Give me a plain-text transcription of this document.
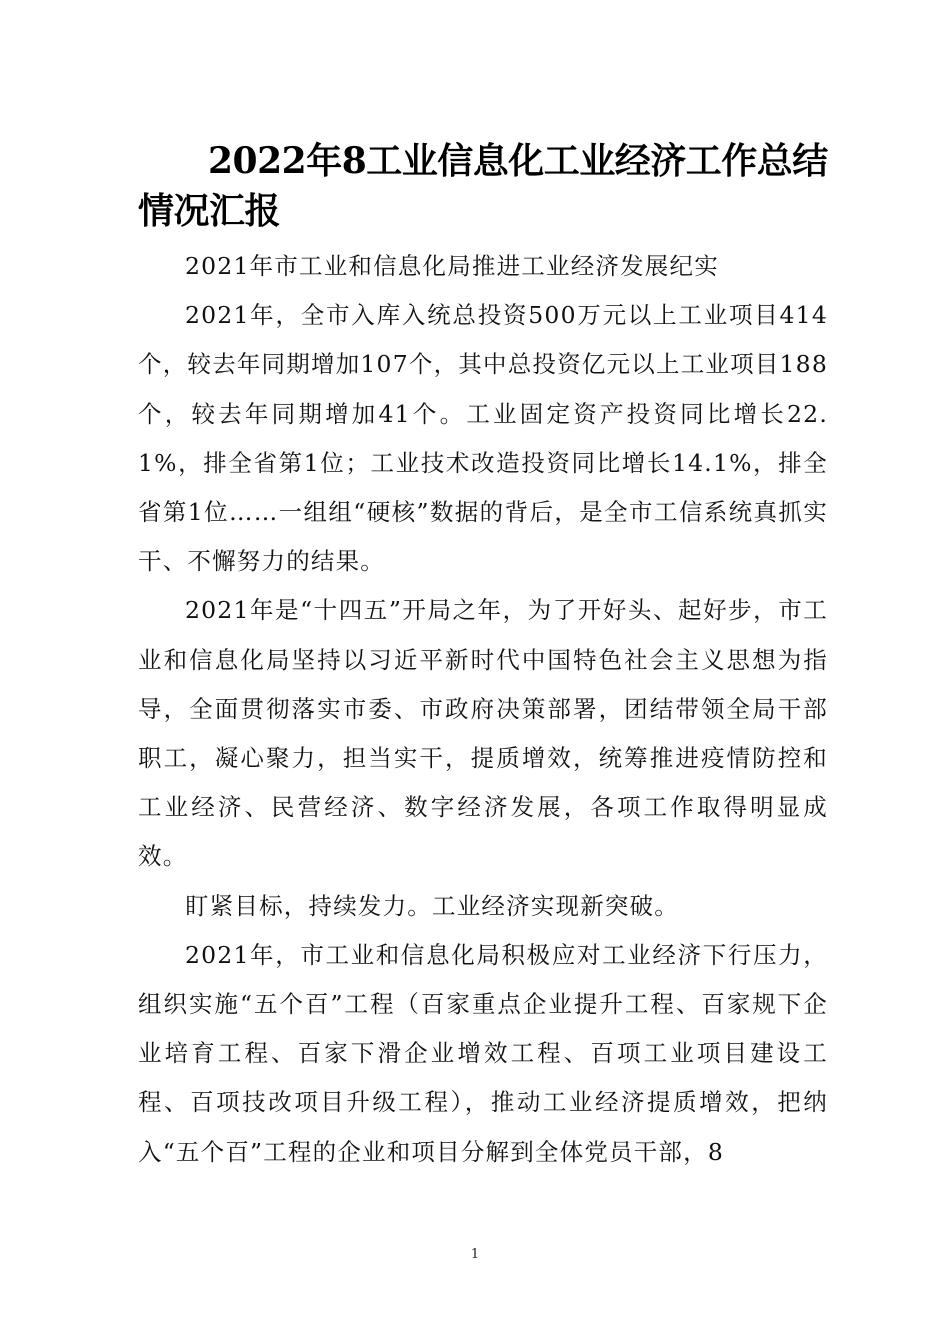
2022年8工业信息化工业经济工作总结情况汇报

2021年市工业和信息化局推进工业经济发展纪实

2021年，全市入库入统总投资500万元以上工业项目414个，较去年同期增加107个，其中总投资亿元以上工业项目188个，较去年同期增加41个。工业固定资产投资同比增长22.1%，排全省第1位；工业技术改造投资同比增长14.1%，排全省第1位……一组组“硬核”数据的背后，是全市工信系统真抓实干、不懈努力的结果。

2021年是“十四五”开局之年，为了开好头、起好步，市工业和信息化局坚持以习近平新时代中国特色社会主义思想为指导，全面贯彻落实市委、市政府决策部署，团结带领全局干部职工，凝心聚力，担当实干，提质增效，统筹推进疫情防控和工业经济、民营经济、数字经济发展，各项工作取得明显成效。

盯紧目标，持续发力。工业经济实现新突破。

2021年，市工业和信息化局积极应对工业经济下行压力，组织实施“五个百”工程（百家重点企业提升工程、百家规下企业培育工程、百家下滑企业增效工程、百项工业项目建设工程、百项技改项目升级工程），推动工业经济提质增效，把纳入“五个百”工程的企业和项目分解到全体党员干部，8

1
